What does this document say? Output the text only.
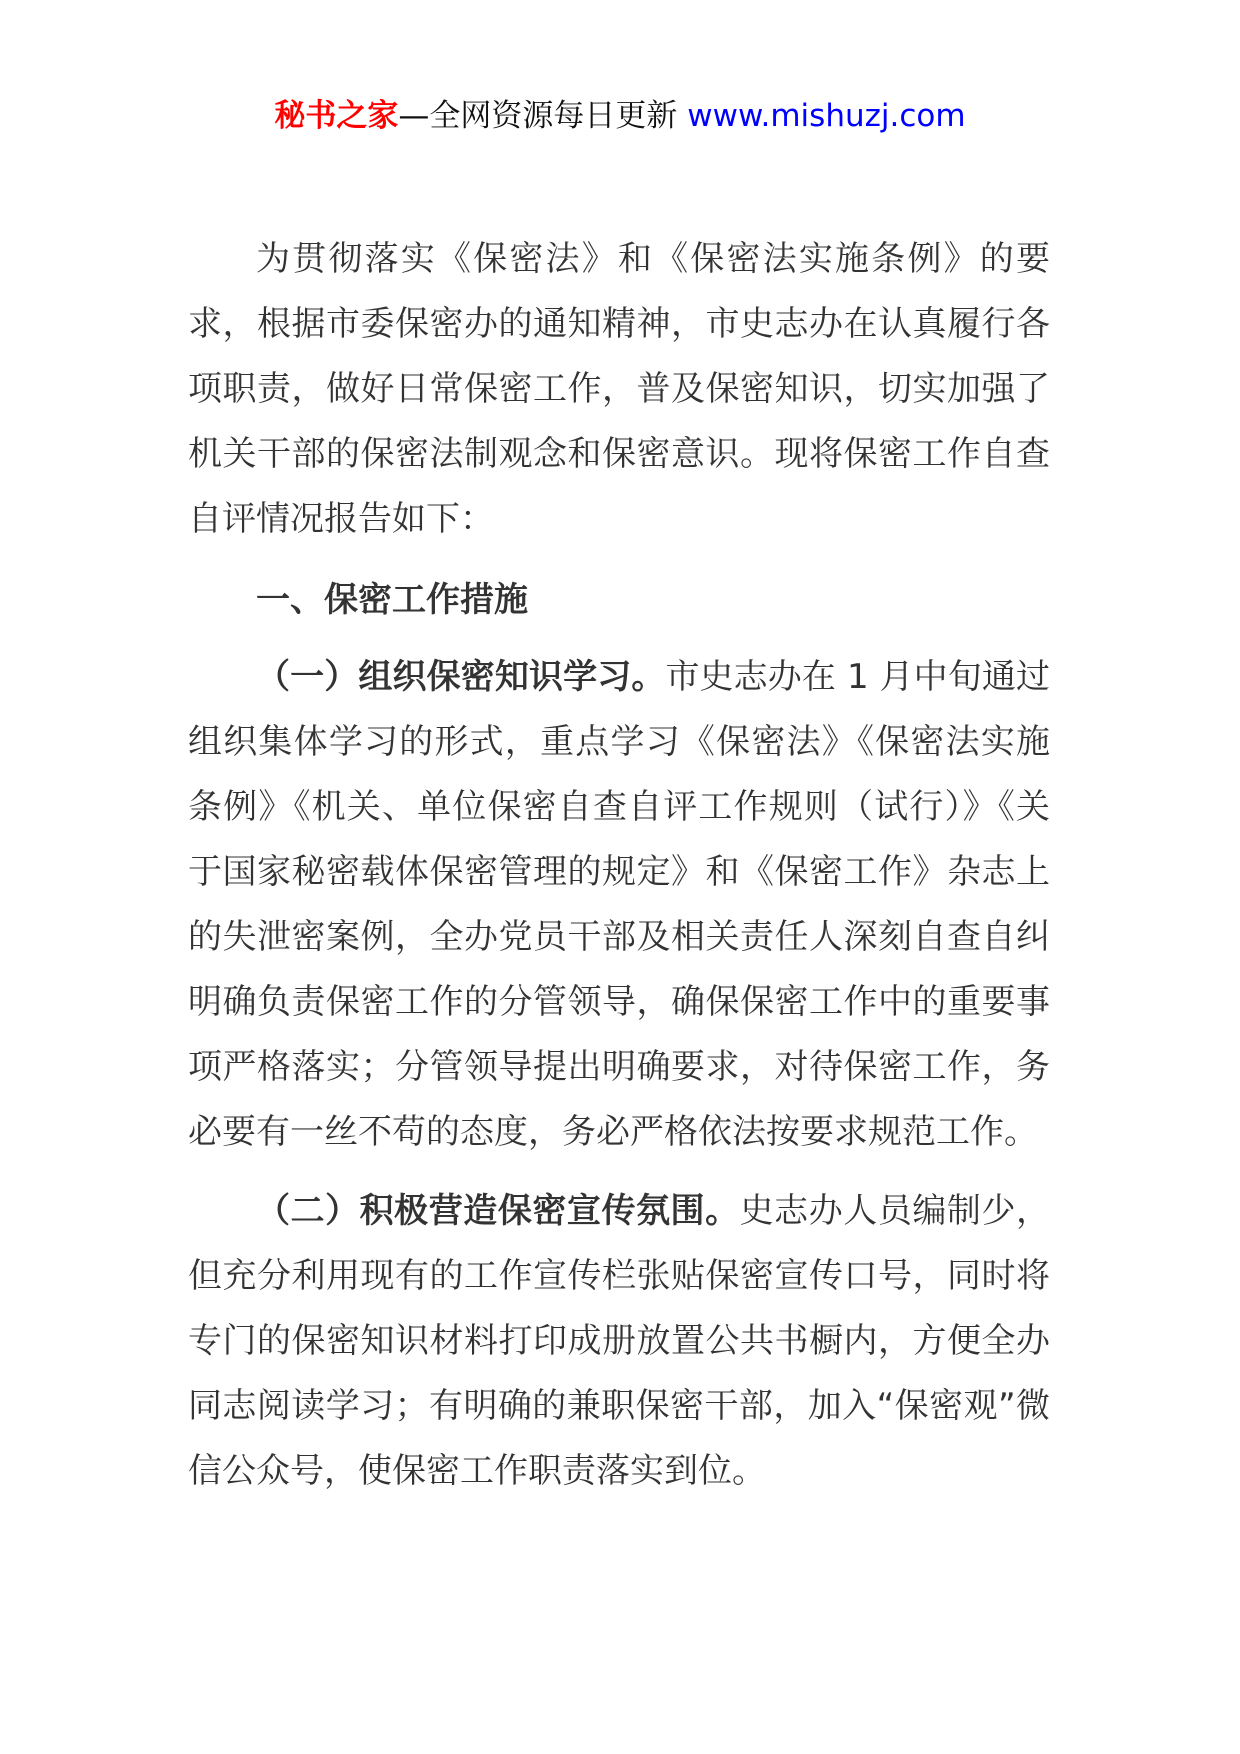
秘书之家—全网资源每日更新 www.mishuzj.com

为贯彻落实《保密法》和《保密法实施条例》的要求，根据市委保密办的通知精神，市史志办在认真履行各项职责，做好日常保密工作，普及保密知识，切实加强了机关干部的保密法制观念和保密意识。现将保密工作自查自评情况报告如下：

一、保密工作措施

（一）组织保密知识学习。市史志办在 1 月中旬通过组织集体学习的形式，重点学习《保密法》《保密法实施条例》《机关、单位保密自查自评工作规则（试行）》《关于国家秘密载体保密管理的规定》和《保密工作》杂志上的失泄密案例，全办党员干部及相关责任人深刻自查自纠明确负责保密工作的分管领导，确保保密工作中的重要事项严格落实；分管领导提出明确要求，对待保密工作，务必要有一丝不苟的态度，务必严格依法按要求规范工作。

（二）积极营造保密宣传氛围。史志办人员编制少，但充分利用现有的工作宣传栏张贴保密宣传口号，同时将专门的保密知识材料打印成册放置公共书橱内，方便全办同志阅读学习；有明确的兼职保密干部，加入“保密观”微信公众号，使保密工作职责落实到位。
